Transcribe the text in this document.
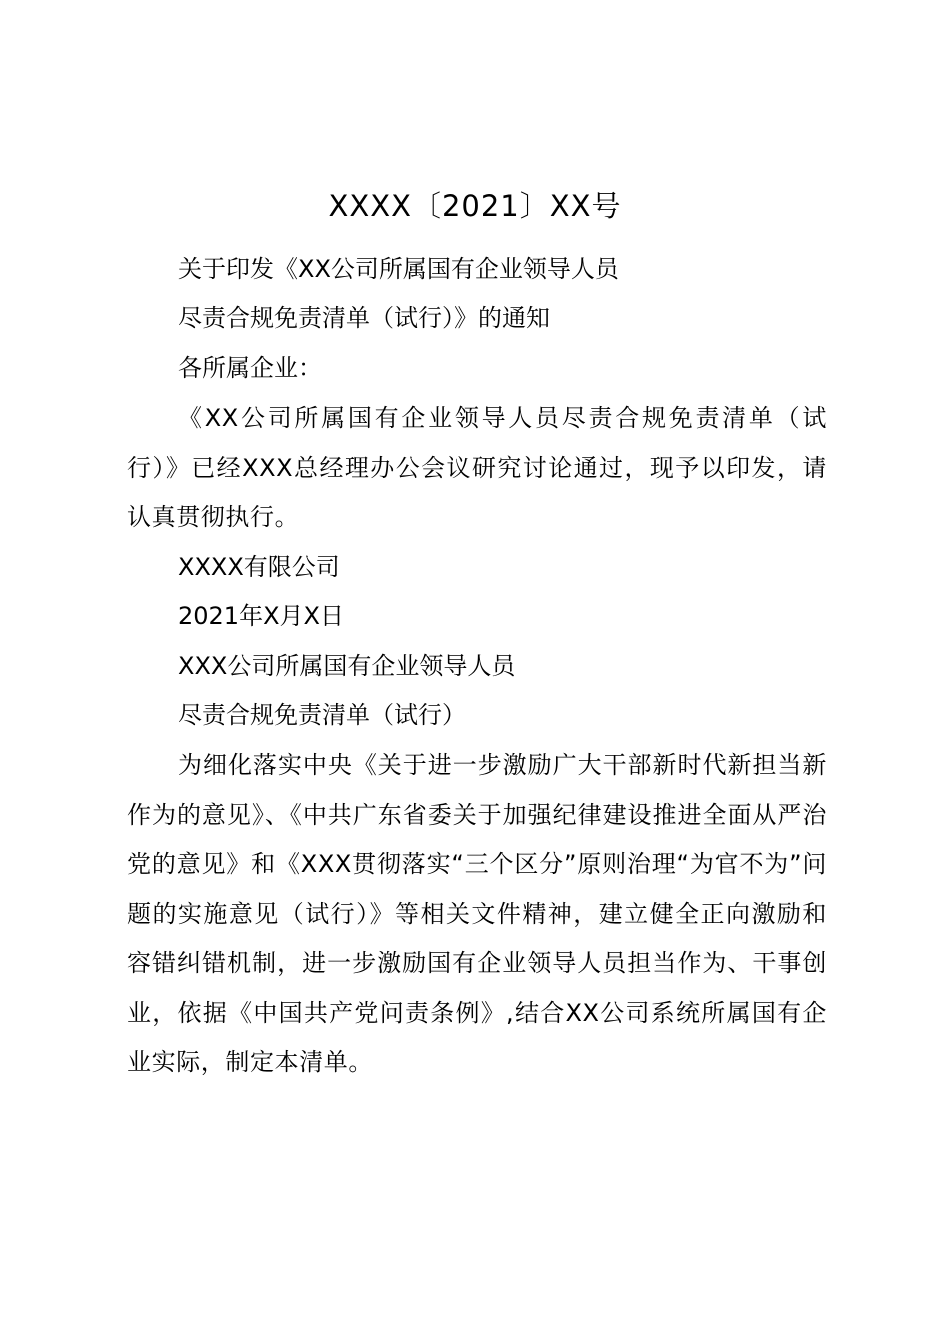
XXXX〔2021〕XX号
关于印发《XX公司所属国有企业领导人员
尽责合规免责清单（试行）》的通知
各所属企业：
《XX公司所属国有企业领导人员尽责合规免责清单（试行）》已经XXX总经理办公会议研究讨论通过，现予以印发，请认真贯彻执行。
XXXX有限公司
2021年X月X日
XXX公司所属国有企业领导人员
尽责合规免责清单（试行）
为细化落实中央《关于进一步激励广大干部新时代新担当新作为的意见》、《中共广东省委关于加强纪律建设推进全面从严治党的意见》和《XXX贯彻落实“三个区分”原则治理“为官不为”问题的实施意见（试行）》等相关文件精神，建立健全正向激励和容错纠错机制，进一步激励国有企业领导人员担当作为、干事创业，依据《中国共产党问责条例》,结合XX公司系统所属国有企业实际，制定本清单。
